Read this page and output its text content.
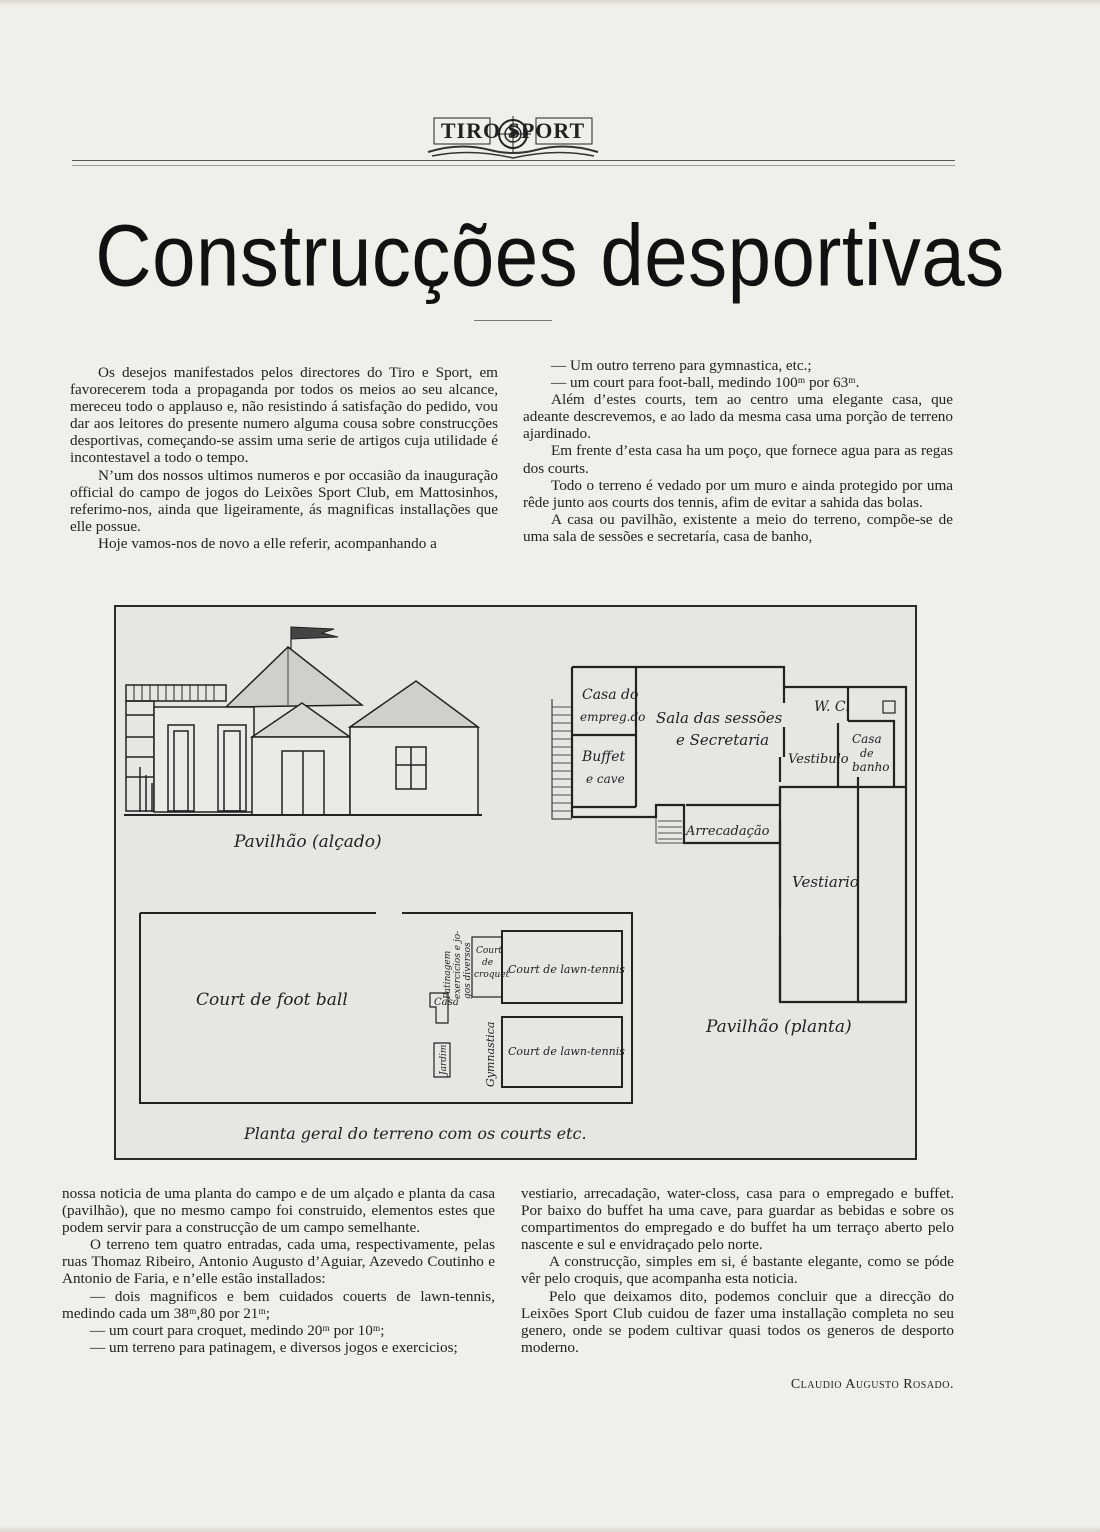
TIRO SPORT
Construcções desportivas

Os desejos manifestados pelos directores do Tiro e Sport, em favorecerem toda a propaganda por todos os meios ao seu alcance, mereceu todo o applauso e, não resistindo á satisfação do pedido, vou dar aos leitores do presente numero alguma cousa sobre construcções desportivas, começando-se assim uma serie de artigos cuja utilidade é incontestavel a todo o tempo.

N’um dos nossos ultimos numeros e por occasião da inauguração official do campo de jogos do Leixões Sport Club, em Mattosinhos, referimo-nos, ainda que ligeiramente, ás magnificas installações que elle possue.

Hoje vamos-nos de novo a elle referir, acompanhando a

— Um outro terreno para gymnastica, etc.;

— um court para foot-ball, medindo 100ᵐ por 63ᵐ.

Além d’estes courts, tem ao centro uma elegante casa, que adeante descrevemos, e ao lado da mesma casa uma porção de terreno ajardinado.

Em frente d’esta casa ha um poço, que fornece agua para as regas dos courts.

Todo o terreno é vedado por um muro e ainda protegido por uma rêde junto aos courts dos tennis, afim de evitar a sahida das bolas.

A casa ou pavilhão, existente a meio do terreno, compõe-se de uma sala de sessões e secretaría, casa de banho,

Pavilhão (alçado)
Casa do
empreg.do Sala das sessões
e Secretaria
W. C.
Buffet
e cave
Vestibulo
Casa
de
banho
Arrecadação
Vestiario
Pavilhão (planta)
Court de foot ball
Court de lawn-tennis
Court de lawn-tennis
Court
de
croquet
Patinagem exercicios e jo- gos diversos
Casa
Jardim	Gymnastica
Planta geral do terreno com os courts etc.

nossa noticia de uma planta do campo e de um alçado e planta da casa (pavilhão), que no mesmo campo foi construido, elementos estes que podem servir para a construcção de um campo semelhante.

O terreno tem quatro entradas, cada uma, respectivamente, pelas ruas Thomaz Ribeiro, Antonio Augusto d’Aguiar, Azevedo Coutinho e Antonio de Faria, e n’elle estão installados:

— dois magnificos e bem cuidados couerts de lawn-tennis, medindo cada um 38ᵐ,80 por 21ᵐ;

— um court para croquet, medindo 20ᵐ por 10ᵐ;

— um terreno para patinagem, e diversos jogos e exercicios;

vestiario, arrecadação, water-closs, casa para o empregado e buffet. Por baixo do buffet ha uma cave, para guardar as bebidas e sobre os compartimentos do empregado e do buffet ha um terraço aberto pelo nascente e sul e envidraçado pelo norte.

A construcção, simples em si, é bastante elegante, como se póde vêr pelo croquis, que acompanha esta noticia.

Pelo que deixamos dito, podemos concluir que a direcção do Leixões Sport Club cuidou de fazer uma installação completa no seu genero, onde se podem cultivar quasi todos os generos de desporto moderno.

Claudio Augusto Rosado.
